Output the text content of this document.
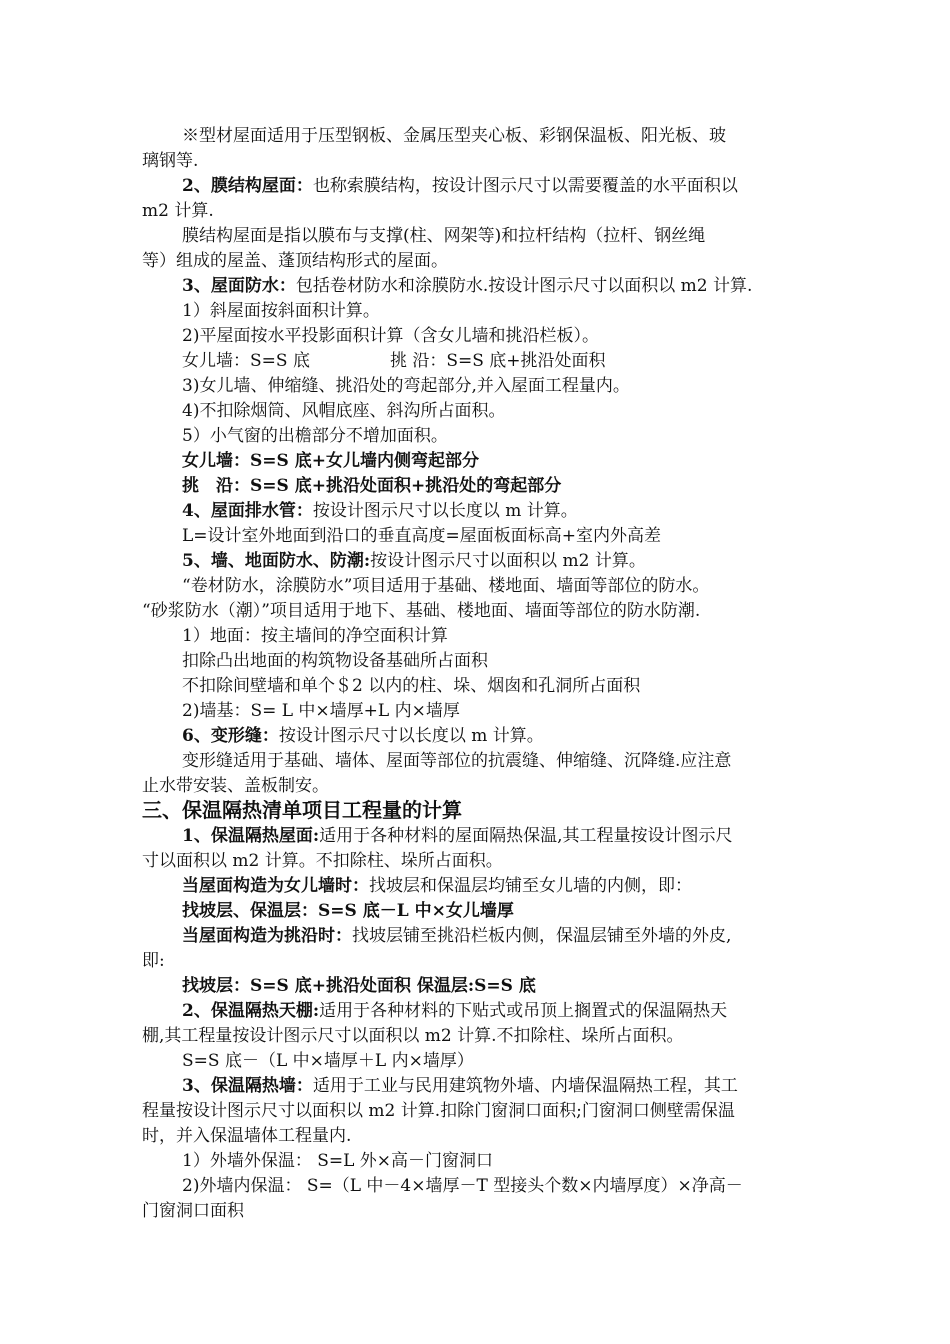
※型材屋面适用于压型钢板、金属压型夹心板、彩钢保温板、阳光板、玻
璃钢等.
2、膜结构屋面：也称索膜结构，按设计图示尺寸以需要覆盖的水平面积以
m2 计算.
膜结构屋面是指以膜布与支撑(柱、网架等)和拉杆结构（拉杆、钢丝绳
等）组成的屋盖、蓬顶结构形式的屋面。
3、屋面防水：包括卷材防水和涂膜防水.按设计图示尺寸以面积以 m2 计算.
1）斜屋面按斜面积计算。
2)平屋面按水平投影面积计算（含女儿墙和挑沿栏板）。
女儿墙：S=S 底	挑 沿：S=S 底+挑沿处面积
3)女儿墙、伸缩缝、挑沿处的弯起部分,并入屋面工程量内。
4)不扣除烟筒、风帽底座、斜沟所占面积。
5）小气窗的出檐部分不增加面积。
女儿墙：S=S 底+女儿墙内侧弯起部分
挑　沿：S=S 底+挑沿处面积+挑沿处的弯起部分
4、屋面排水管：按设计图示尺寸以长度以 m 计算。
L=设计室外地面到沿口的垂直高度=屋面板面标高+室内外高差
5、墙、地面防水、防潮:按设计图示尺寸以面积以 m2 计算。
“卷材防水，涂膜防水”项目适用于基础、楼地面、墙面等部位的防水。
“砂浆防水（潮）”项目适用于地下、基础、楼地面、墙面等部位的防水防潮.
1）地面：按主墙间的净空面积计算
扣除凸出地面的构筑物设备基础所占面积
不扣除间壁墙和单个＄2 以内的柱、垛、烟囱和孔洞所占面积
2)墙基：S= L 中×墙厚+L 内×墙厚
6、变形缝：按设计图示尺寸以长度以 m 计算。
变形缝适用于基础、墙体、屋面等部位的抗震缝、伸缩缝、沉降缝.应注意
止水带安装、盖板制安。
三、保温隔热清单项目工程量的计算
1、保温隔热屋面:适用于各种材料的屋面隔热保温,其工程量按设计图示尺
寸以面积以 m2 计算。不扣除柱、垛所占面积。
当屋面构造为女儿墙时：找坡层和保温层均铺至女儿墙的内侧，即：
找坡层、保温层：S=S 底－L 中×女儿墙厚
当屋面构造为挑沿时：找坡层铺至挑沿栏板内侧，保温层铺至外墙的外皮,
即:
找坡层：S=S 底+挑沿处面积 保温层:S=S 底
2、保温隔热天棚:适用于各种材料的下贴式或吊顶上搁置式的保温隔热天
棚,其工程量按设计图示尺寸以面积以 m2 计算.不扣除柱、垛所占面积。
S=S 底－（L 中×墙厚＋L 内×墙厚）
3、保温隔热墙：适用于工业与民用建筑物外墙、内墙保温隔热工程，其工
程量按设计图示尺寸以面积以 m2 计算.扣除门窗洞口面积;门窗洞口侧壁需保温
时，并入保温墙体工程量内.
1）外墙外保温： S=L 外×高－门窗洞口
2)外墙内保温： S=（L 中－4×墙厚－T 型接头个数×内墙厚度）×净高－
门窗洞口面积
